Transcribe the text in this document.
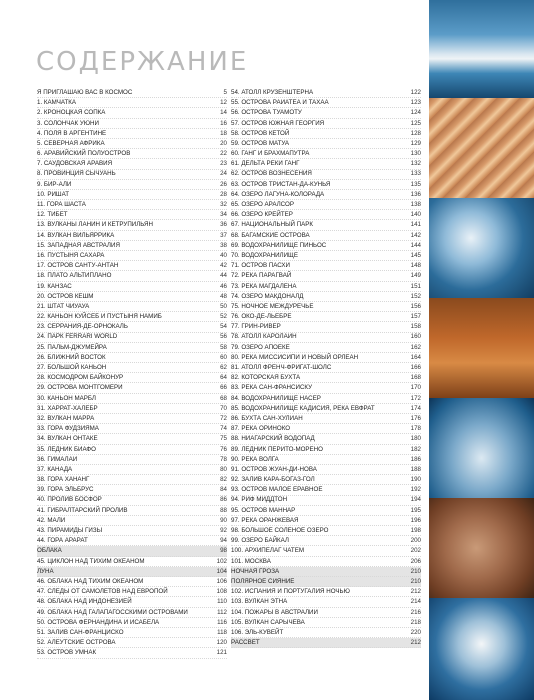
СОДЕРЖАНИЕ
Я ПРИГЛАШАЮ ВАС В КОСМОС	5
1. КАМЧАТКА	12
2. КРОНОЦКАЯ СОПКА	14
3. СОЛОНЧАК УЮНИ	16
4. ПОЛЯ В АРГЕНТИНЕ	18
5. СЕВЕРНАЯ АФРИКА	20
6. АРАВИЙСКИЙ ПОЛУОСТРОВ	22
7. САУДОВСКАЯ АРАВИЯ	23
8. ПРОВИНЦИЯ СЫЧУАНЬ	24
9. БИР-АЛИ	26
10. РИШАТ	28
11. ГОРА ШАСТА	32
12. ТИБЕТ	34
13. ВУЛКАНЫ ЛАНИН И КЕТРУПИЛЬЯН	36
14. ВУЛКАН ВИЛЬЯРРИКА	37
15. ЗАПАДНАЯ АВСТРАЛИЯ	38
16. ПУСТЫНЯ САХАРА	40
17. ОСТРОВ САНТУ-АНТАН	42
18. ПЛАТО АЛЬТИПЛАНО	44
19. КАНЗАС	46
20. ОСТРОВ КЕШМ	48
21. ШТАТ ЧИУАУА	50
22. КАНЬОН КУЙСЕБ И ПУСТЫНЯ НАМИБ	52
23. СЕРРАНИЯ-ДЕ-ОРНОКАЛЬ	54
24. ПАРК FERRARI WORLD	56
25. ПАЛЬМ-ДЖУМЕЙРА	58
26. БЛИЖНИЙ ВОСТОК	60
27. БОЛЬШОЙ КАНЬОН	62
28. КОСМОДРОМ БАЙКОНУР	64
29. ОСТРОВА МОНТГОМЕРИ	66
30. КАНЬОН МАРБЛ	68
31. ХАРРАТ-ХАЛЕБР	70
32. ВУЛКАН МАРРА	72
33. ГОРА ФУДЗИЯМА	74
34. ВУЛКАН ОНТАКЕ	75
35. ЛЕДНИК БИАФО	76
36. ГИМАЛАИ	78
37. КАНАДА	80
38. ГОРА ХАНАНГ	82
39. ГОРА ЭЛЬБРУС	84
40. ПРОЛИВ БОСФОР	86
41. ГИБРАЛТАРСКИЙ ПРОЛИВ	88
42. МАЛИ	90
43. ПИРАМИДЫ ГИЗЫ	92
44. ГОРА АРАРАТ	94
ОБЛАКА	98
45. ЦИКЛОН НАД ТИХИМ ОКЕАНОМ	102
ЛУНА	104
46. ОБЛАКА НАД ТИХИМ ОКЕАНОМ	106
47. СЛЕДЫ ОТ САМОЛЕТОВ НАД ЕВРОПОЙ	108
48. ОБЛАКА НАД ИНДОНЕЗИЕЙ	110
49. ОБЛАКА НАД ГАЛАПАГОССКИМИ ОСТРОВАМИ	112
50. ОСТРОВА ФЕРНАНДИНА И ИСАБЕЛА	116
51. ЗАЛИВ САН-ФРАНЦИСКО	118
52. АЛЕУТСКИЕ ОСТРОВА	120
53. ОСТРОВ УМНАК	121
54. АТОЛЛ КРУЗЕНШТЕРНА	122
55. ОСТРОВА РАИАТЕА И ТАХАА	123
56. ОСТРОВА ТУАМОТУ	124
57. ОСТРОВ ЮЖНАЯ ГЕОРГИЯ	125
58. ОСТРОВ КЕТОЙ	128
59. ОСТРОВ МАТУА	129
60. ГАНГ И БРАХМАПУТРА	130
61. ДЕЛЬТА РЕКИ ГАНГ	132
62. ОСТРОВ ВОЗНЕСЕНИЯ	133
63. ОСТРОВ ТРИСТАН-ДА-КУНЬЯ	135
64. ОЗЕРО ЛАГУНА-КОЛОРАДА	136
65. ОЗЕРО АРАЛСОР	138
66. ОЗЕРО КРЕЙТЕР	140
67. НАЦИОНАЛЬНЫЙ ПАРК	141
68. БАГАМСКИЕ ОСТРОВА	142
69. ВОДОХРАНИЛИЩЕ ПИНЬОС	144
70. ВОДОХРАНИЛИЩЕ	145
71. ОСТРОВ ПАСХИ	148
72. РЕКА ПАРАГВАЙ	149
73. РЕКА МАГДАЛЕНА	151
74. ОЗЕРО МАКДОНАЛД	152
75. НОЧНОЕ МЕЖДУРЕЧЬЕ	156
76. ОКО-ДЕ-ЛЬЕБРЕ	157
77. ГРИН-РИВЕР	158
78. АТОЛЛ КАРОЛАЙН	160
79. ОЗЕРО АПОЕКЕ	162
80. РЕКА МИССИСИПИ И НОВЫЙ ОРЛЕАН	164
81. АТОЛЛ ФРЕНЧ-ФРИГАТ-ШОЛС	166
82. КОТОРСКАЯ БУХТА	168
83. РЕКА САН-ФРАНСИСКУ	170
84. ВОДОХРАНИЛИЩЕ НАСЕР	172
85. ВОДОХРАНИЛИЩЕ КАДИСИЯ, РЕКА ЕВФРАТ	174
86. БУХТА САН-ХУЛИАН	176
87. РЕКА ОРИНОКО	178
88. НИАГАРСКИЙ ВОДОПАД	180
89. ЛЕДНИК ПЕРИТО-МОРЕНО	182
90. РЕКА ВОЛГА	186
91. ОСТРОВ ЖУАН-ДИ-НОВА	188
92. ЗАЛИВ КАРА-БОГАЗ-ГОЛ	190
93. ОСТРОВ МАЛОЕ ЕРАВНОЕ	192
94. РИФ МИДДТОН	194
95. ОСТРОВ МАННАР	195
97. РЕКА ОРАНЖЕВАЯ	196
98. БОЛЬШОЕ СОЛЕНОЕ ОЗЕРО	198
99. ОЗЕРО БАЙКАЛ	200
100. АРХИПЕЛАГ ЧАТЕМ	202
101. МОСКВА	206
НОЧНАЯ ГРОЗА	210
ПОЛЯРНОЕ СИЯНИЕ	210
102. ИСПАНИЯ И ПОРТУГАЛИЯ НОЧЬЮ	212
103. ВУЛКАН ЭТНА	214
104. ПОЖАРЫ В АВСТРАЛИИ	216
105. ВУЛКАН САРЫЧЕВА	218
106. ЭЛЬ-КУВЕЙТ	220
РАССВЕТ	212
